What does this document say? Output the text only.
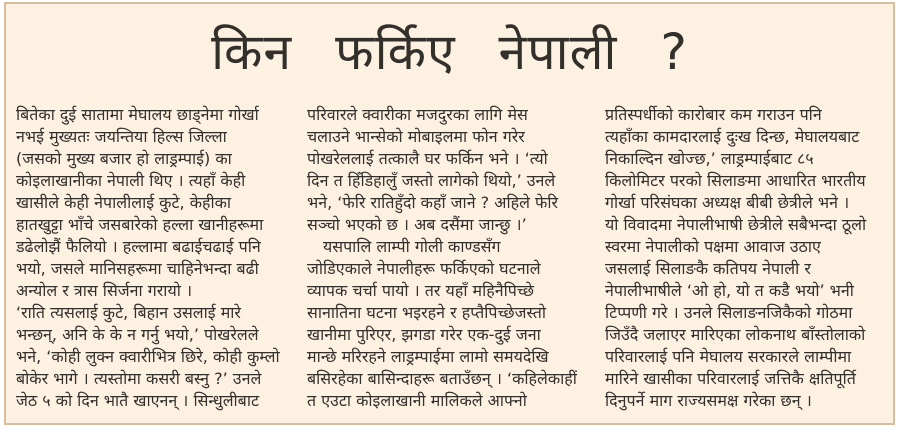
किन फर्किए नेपाली ?
बितेका दुई सातामा मेघालय छाड्नेमा गोर्खा
नभई मुख्यतः जयन्तिया हिल्स जिल्ला
(जसको मुख्य बजार हो लाड्रम्पाई) का
कोइलाखानीका नेपाली थिए । त्यहाँ केही
खासीले केही नेपालीलाई कुटे, केहीका
हातखुट्टा भाँचे जसबारेको हल्ला खानीहरूमा
डढेलोझैं फैलियो । हल्लामा बढाईचढाई पनि
भयो, जसले मानिसहरूमा चाहिनेभन्दा बढी
अन्योल र त्रास सिर्जना गरायो ।
‘राति त्यसलाई कुटे, बिहान उसलाई मारे
भन्छन्, अनि के के न गर्नु भयो,’ पोखरेलले
भने, ‘कोही लुक्न क्वारीभित्र छिरे, कोही कुम्लो
बोकेर भागे । त्यस्तोमा कसरी बस्नु ?’ उनले
जेठ ५ को दिन भातै खाएनन् । सिन्धुलीबाट
परिवारले क्वारीका मजदुरका लागि मेस
चलाउने भान्सेको मोबाइलमा फोन गरेर
पोखरेललाई तत्कालै घर फर्किन भने । ‘त्यो
दिन त हिँडिहालुँ जस्तो लागेको थियो,’ उनले
भने, ‘फेरि रातिहुँदो कहाँ जाने ? अहिले फेरि
सञ्चो भएको छ । अब दसैंमा जान्छु ।’
 यसपालि लाम्पी गोली काण्डसँग
जोडिएकाले नेपालीहरू फर्किएको घटनाले
व्यापक चर्चा पायो । तर यहाँ महिनैपिच्छे
सानातिना घटना भइरहने र हप्तैपिच्छेजस्तो
खानीमा पुरिएर, झगडा गरेर एक-दुई जना
मान्छे मरिरहने लाड्रम्पाईमा लामो समयदेखि
बसिरहेका बासिन्दाहरू बताउँछन् । ‘कहिलेकाहीं
त एउटा कोइलाखानी मालिकले आफ्नो
प्रतिस्पर्धीको कारोबार कम गराउन पनि
त्यहाँका कामदारलाई दुःख दिन्छ, मेघालयबाट
निकाल्दिन खोज्छ,’ लाड्रम्पाईबाट ८५
किलोमिटर परको सिलाङमा आधारित भारतीय
गोर्खा परिसंघका अध्यक्ष बीबी छेत्रीले भने ।
यो विवादमा नेपालीभाषी छेत्रीले सबैभन्दा ठूलो
स्वरमा नेपालीको पक्षमा आवाज उठाए
जसलाई सिलाङकै कतिपय नेपाली र
नेपालीभाषीले ‘ओ हो, यो त कडै भयो’ भनी
टिप्पणी गरे । उनले सिलाङनजिकैको गोठमा
जिउँदै जलाएर मारिएका लोकनाथ बाँस्तोलाको
परिवारलाई पनि मेघालय सरकारले लाम्पीमा
मारिने खासीका परिवारलाई जत्तिकै क्षतिपूर्ति
दिनुपर्ने माग राज्यसमक्ष गरेका छन् ।
